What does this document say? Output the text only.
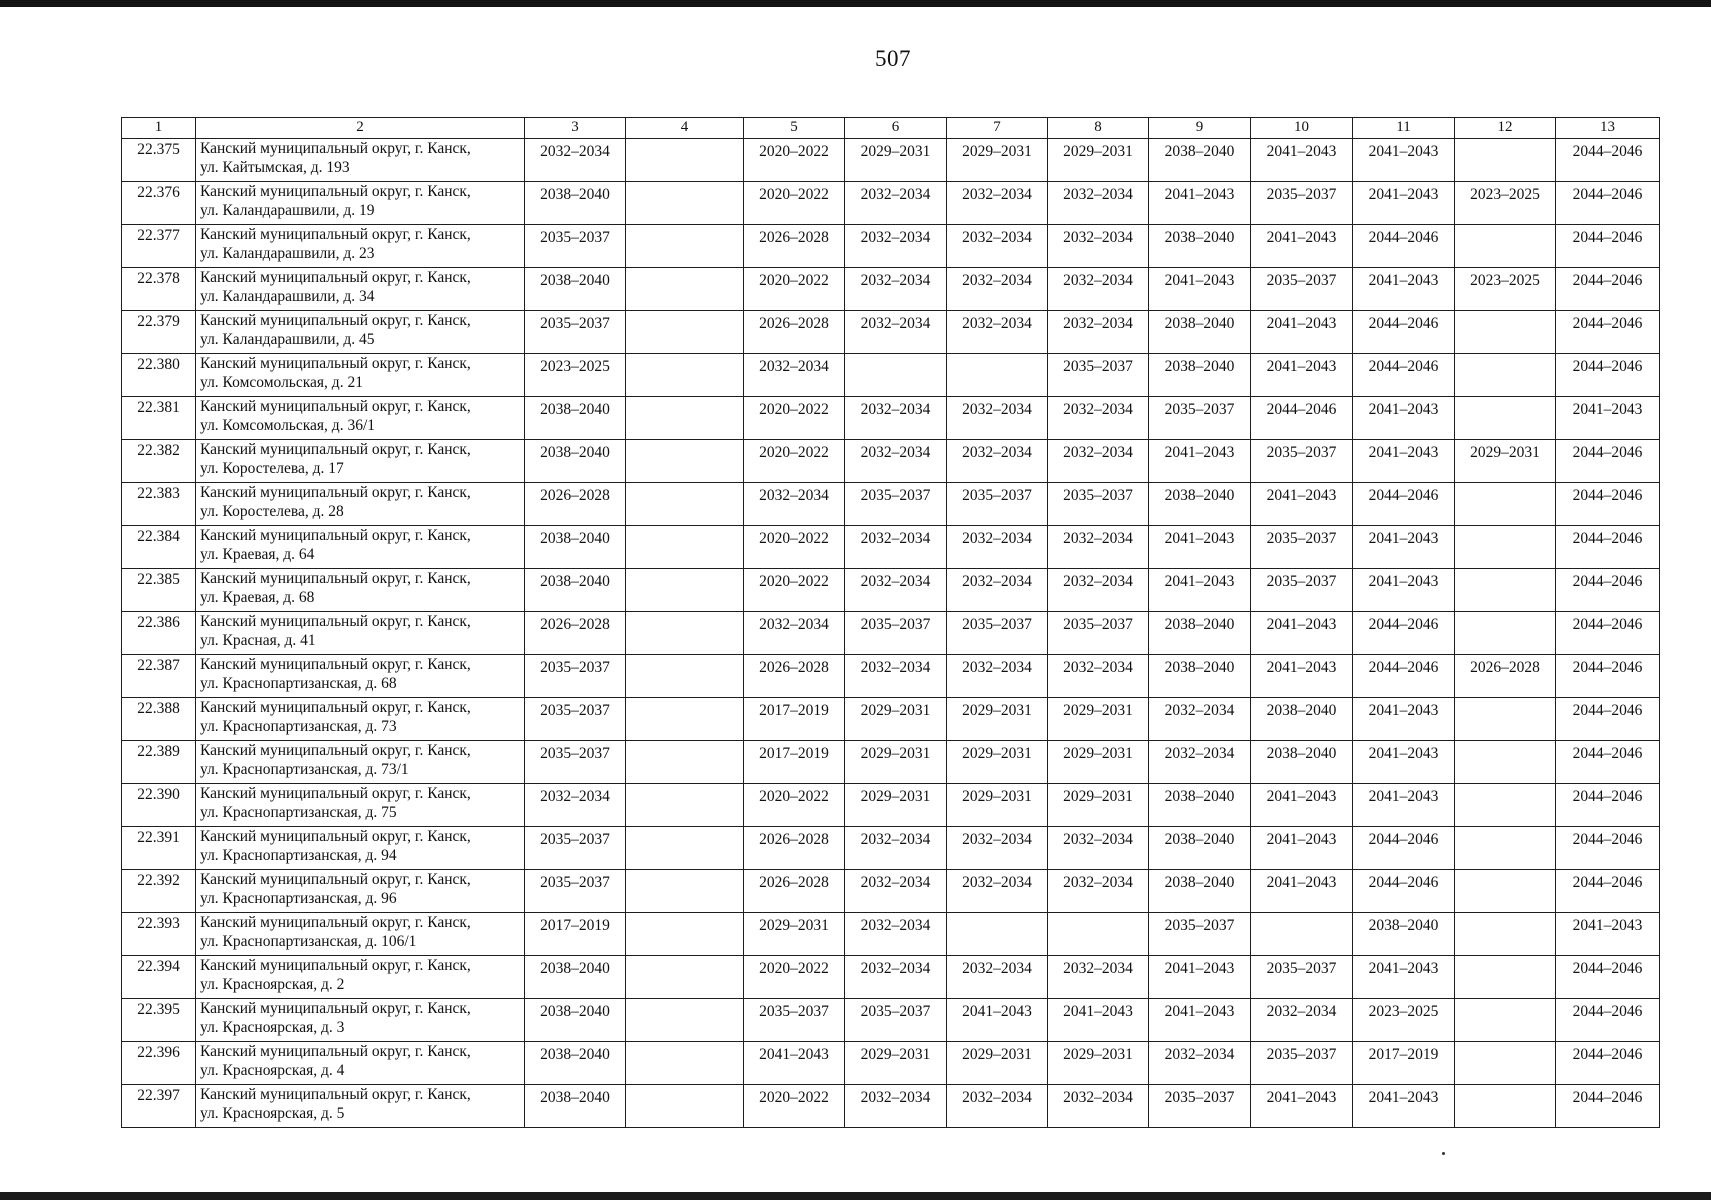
507
1	2	3	4	5	6	7	8	9	10	11	12	13
22.375	Канский муниципальный округ, г. Канск,
ул. Кайтымская, д. 193	2032–2034		2020–2022	2029–2031	2029–2031	2029–2031	2038–2040	2041–2043	2041–2043		2044–2046
22.376	Канский муниципальный округ, г. Канск,
ул. Каландарашвили, д. 19	2038–2040		2020–2022	2032–2034	2032–2034	2032–2034	2041–2043	2035–2037	2041–2043	2023–2025	2044–2046
22.377	Канский муниципальный округ, г. Канск,
ул. Каландарашвили, д. 23	2035–2037		2026–2028	2032–2034	2032–2034	2032–2034	2038–2040	2041–2043	2044–2046		2044–2046
22.378	Канский муниципальный округ, г. Канск,
ул. Каландарашвили, д. 34	2038–2040		2020–2022	2032–2034	2032–2034	2032–2034	2041–2043	2035–2037	2041–2043	2023–2025	2044–2046
22.379	Канский муниципальный округ, г. Канск,
ул. Каландарашвили, д. 45	2035–2037		2026–2028	2032–2034	2032–2034	2032–2034	2038–2040	2041–2043	2044–2046		2044–2046
22.380	Канский муниципальный округ, г. Канск,
ул. Комсомольская, д. 21	2023–2025		2032–2034			2035–2037	2038–2040	2041–2043	2044–2046		2044–2046
22.381	Канский муниципальный округ, г. Канск,
ул. Комсомольская, д. 36/1	2038–2040		2020–2022	2032–2034	2032–2034	2032–2034	2035–2037	2044–2046	2041–2043		2041–2043
22.382	Канский муниципальный округ, г. Канск,
ул. Коростелева, д. 17	2038–2040		2020–2022	2032–2034	2032–2034	2032–2034	2041–2043	2035–2037	2041–2043	2029–2031	2044–2046
22.383	Канский муниципальный округ, г. Канск,
ул. Коростелева, д. 28	2026–2028		2032–2034	2035–2037	2035–2037	2035–2037	2038–2040	2041–2043	2044–2046		2044–2046
22.384	Канский муниципальный округ, г. Канск,
ул. Краевая, д. 64	2038–2040		2020–2022	2032–2034	2032–2034	2032–2034	2041–2043	2035–2037	2041–2043		2044–2046
22.385	Канский муниципальный округ, г. Канск,
ул. Краевая, д. 68	2038–2040		2020–2022	2032–2034	2032–2034	2032–2034	2041–2043	2035–2037	2041–2043		2044–2046
22.386	Канский муниципальный округ, г. Канск,
ул. Красная, д. 41	2026–2028		2032–2034	2035–2037	2035–2037	2035–2037	2038–2040	2041–2043	2044–2046		2044–2046
22.387	Канский муниципальный округ, г. Канск,
ул. Краснопартизанская, д. 68	2035–2037		2026–2028	2032–2034	2032–2034	2032–2034	2038–2040	2041–2043	2044–2046	2026–2028	2044–2046
22.388	Канский муниципальный округ, г. Канск,
ул. Краснопартизанская, д. 73	2035–2037		2017–2019	2029–2031	2029–2031	2029–2031	2032–2034	2038–2040	2041–2043		2044–2046
22.389	Канский муниципальный округ, г. Канск,
ул. Краснопартизанская, д. 73/1	2035–2037		2017–2019	2029–2031	2029–2031	2029–2031	2032–2034	2038–2040	2041–2043		2044–2046
22.390	Канский муниципальный округ, г. Канск,
ул. Краснопартизанская, д. 75	2032–2034		2020–2022	2029–2031	2029–2031	2029–2031	2038–2040	2041–2043	2041–2043		2044–2046
22.391	Канский муниципальный округ, г. Канск,
ул. Краснопартизанская, д. 94	2035–2037		2026–2028	2032–2034	2032–2034	2032–2034	2038–2040	2041–2043	2044–2046		2044–2046
22.392	Канский муниципальный округ, г. Канск,
ул. Краснопартизанская, д. 96	2035–2037		2026–2028	2032–2034	2032–2034	2032–2034	2038–2040	2041–2043	2044–2046		2044–2046
22.393	Канский муниципальный округ, г. Канск,
ул. Краснопартизанская, д. 106/1	2017–2019		2029–2031	2032–2034			2035–2037		2038–2040		2041–2043
22.394	Канский муниципальный округ, г. Канск,
ул. Красноярская, д. 2	2038–2040		2020–2022	2032–2034	2032–2034	2032–2034	2041–2043	2035–2037	2041–2043		2044–2046
22.395	Канский муниципальный округ, г. Канск,
ул. Красноярская, д. 3	2038–2040		2035–2037	2035–2037	2041–2043	2041–2043	2041–2043	2032–2034	2023–2025		2044–2046
22.396	Канский муниципальный округ, г. Канск,
ул. Красноярская, д. 4	2038–2040		2041–2043	2029–2031	2029–2031	2029–2031	2032–2034	2035–2037	2017–2019		2044–2046
22.397	Канский муниципальный округ, г. Канск,
ул. Красноярская, д. 5	2038–2040		2020–2022	2032–2034	2032–2034	2032–2034	2035–2037	2041–2043	2041–2043		2044–2046
